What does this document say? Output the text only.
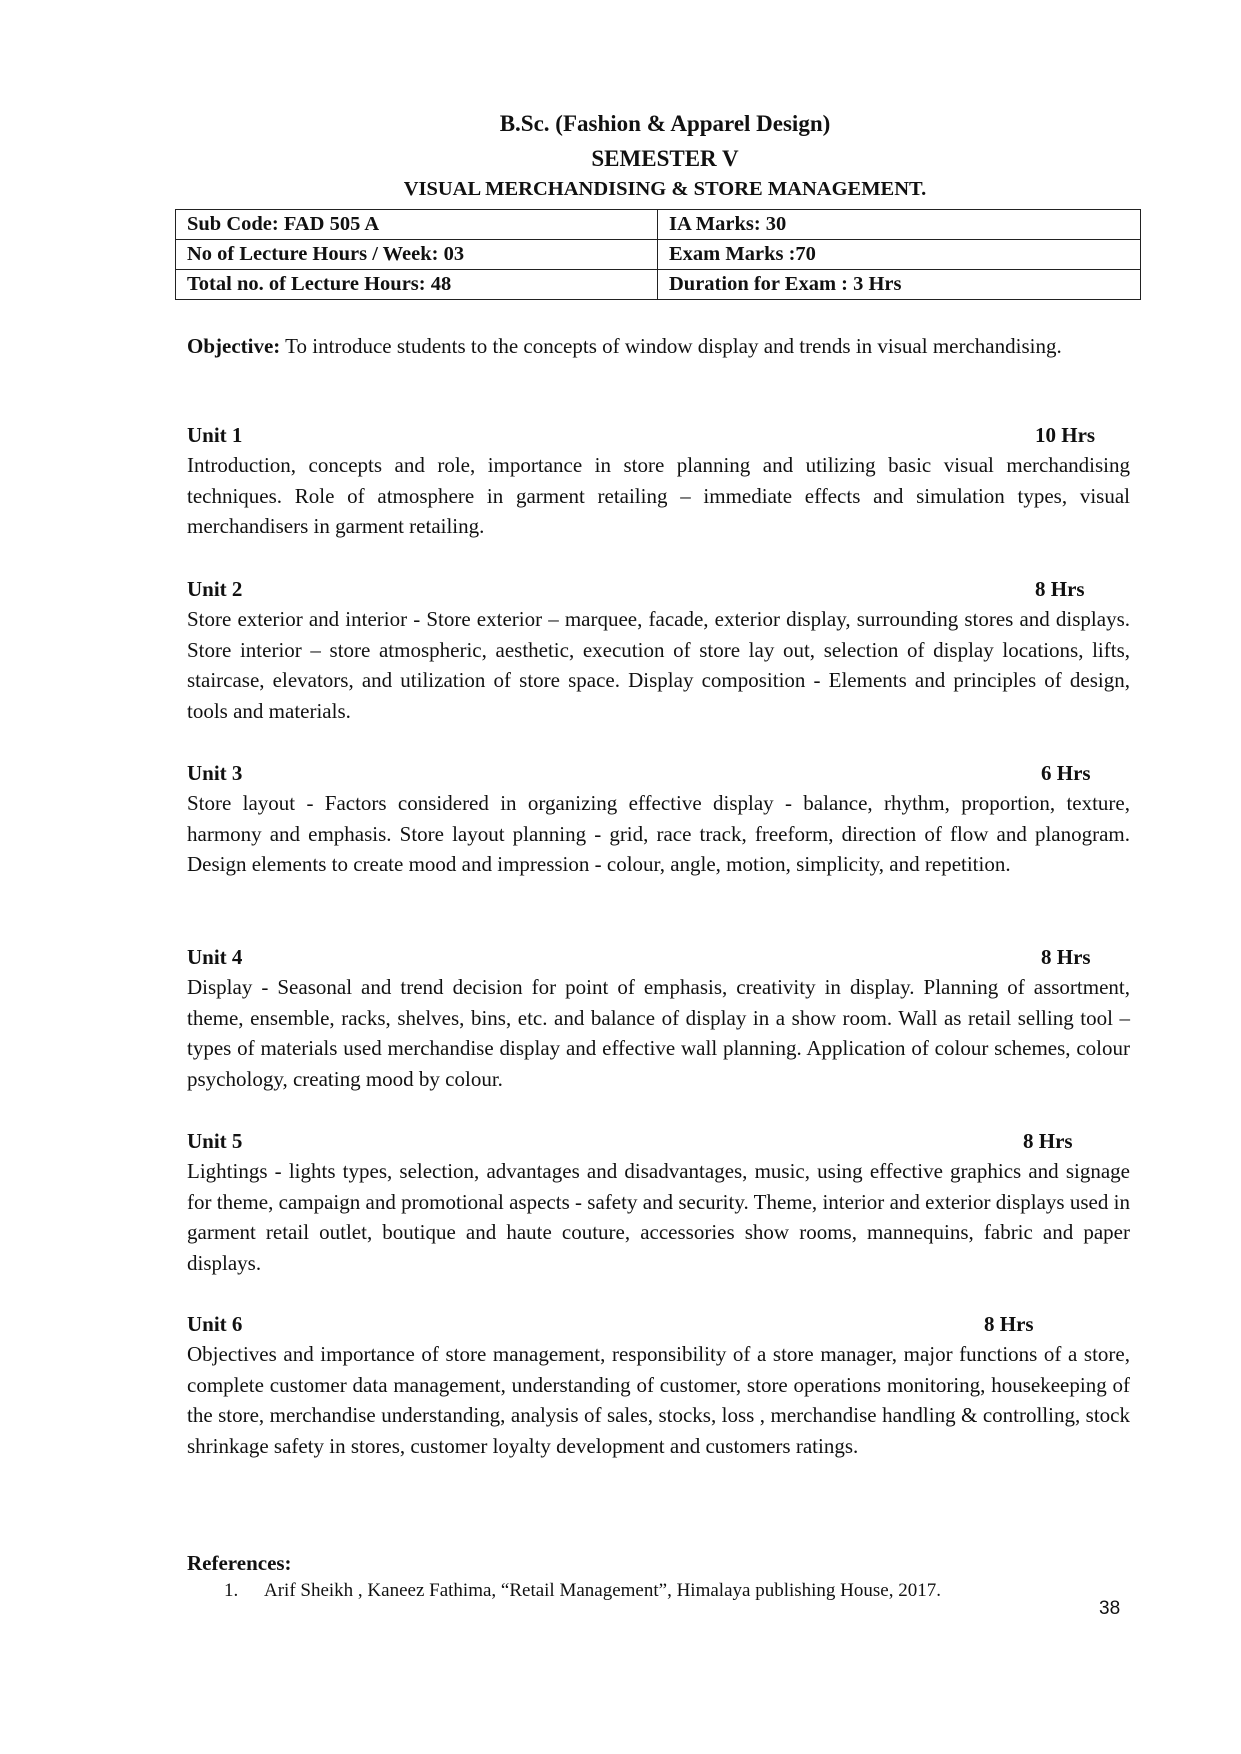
B.Sc. (Fashion & Apparel Design)
SEMESTER V
VISUAL MERCHANDISING & STORE MANAGEMENT.
Sub Code: FAD 505 A	IA Marks: 30
No of Lecture Hours / Week: 03	Exam Marks :70
Total no. of Lecture Hours: 48	Duration for Exam : 3 Hrs
Objective: To introduce students to the concepts of window display and trends in visual merchandising.
Unit 1	10 Hrs

Introduction, concepts and role, importance in store planning and utilizing basic visual merchandising techniques. Role of atmosphere in garment retailing – immediate effects and simulation types, visual merchandisers in garment retailing.

Unit 2	8 Hrs

Store exterior and interior - Store exterior – marquee, facade, exterior display, surrounding stores and displays. Store interior – store atmospheric, aesthetic, execution of store lay out, selection of display locations, lifts, staircase, elevators, and utilization of store space. Display composition - Elements and principles of design, tools and materials.

Unit 3	6 Hrs

Store layout - Factors considered in organizing effective display - balance, rhythm, proportion, texture, harmony and emphasis. Store layout planning - grid, race track, freeform, direction of flow and planogram. Design elements to create mood and impression - colour, angle, motion, simplicity, and repetition.

Unit 4	8 Hrs

Display - Seasonal and trend decision for point of emphasis, creativity in display. Planning of assortment, theme, ensemble, racks, shelves, bins, etc. and balance of display in a show room. Wall as retail selling tool – types of materials used merchandise display and effective wall planning. Application of colour schemes, colour psychology, creating mood by colour.

Unit 5	8 Hrs

Lightings - lights types, selection, advantages and disadvantages, music, using effective graphics and signage for theme, campaign and promotional aspects - safety and security. Theme, interior and exterior displays used in garment retail outlet, boutique and haute couture, accessories show rooms, mannequins, fabric and paper displays.

Unit 6	8 Hrs

Objectives and importance of store management, responsibility of a store manager, major functions of a store, complete customer data management, understanding of customer, store operations monitoring, housekeeping of the store, merchandise understanding, analysis of sales, stocks, loss , merchandise handling & controlling, stock shrinkage safety in stores, customer loyalty development and customers ratings.

References:
1. Arif Sheikh , Kaneez Fathima, “Retail Management”, Himalaya publishing House, 2017.
38
